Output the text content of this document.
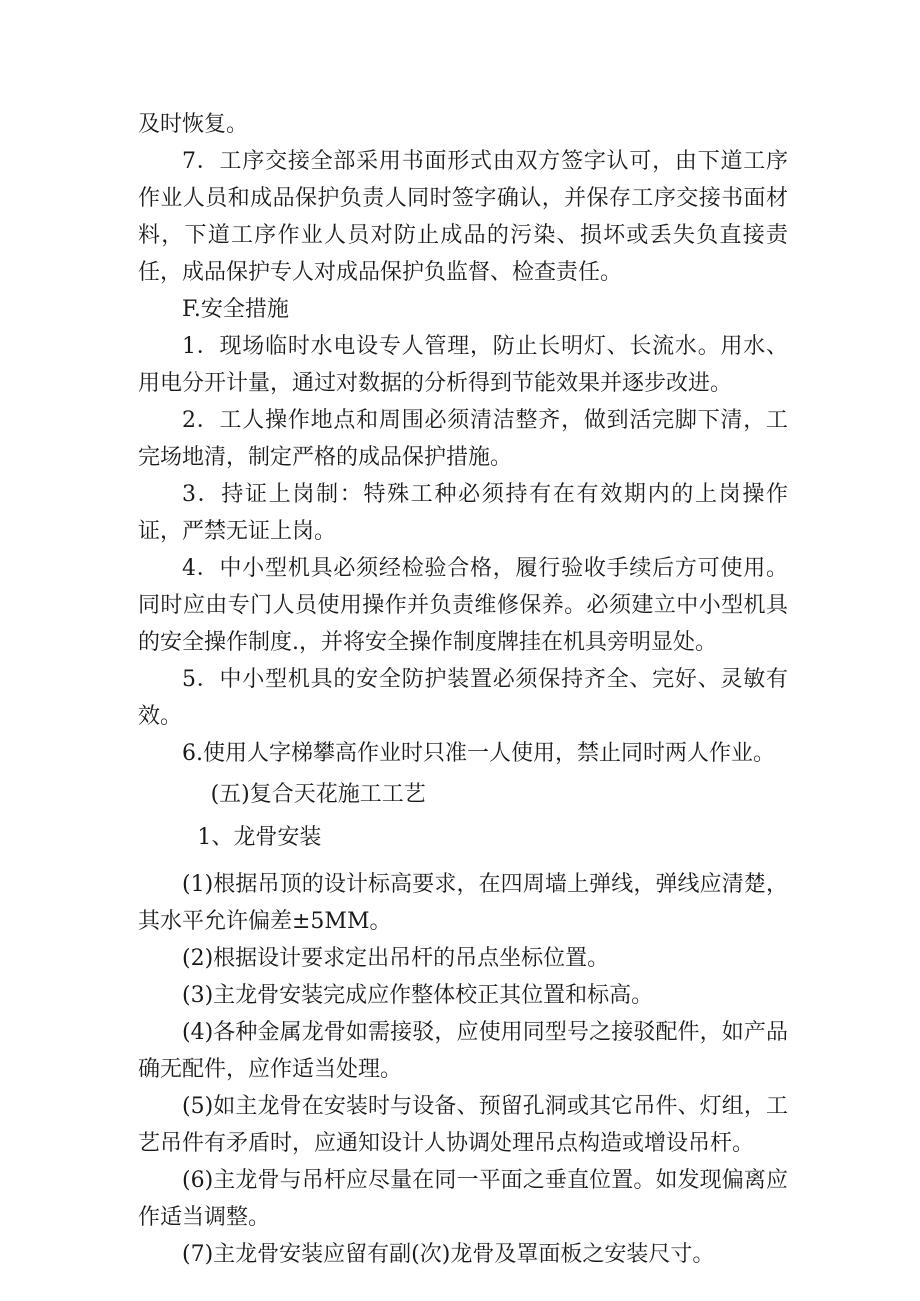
及时恢复。

7．工序交接全部采用书面形式由双方签字认可，由下道工序作业人员和成品保护负责人同时签字确认，并保存工序交接书面材料，下道工序作业人员对防止成品的污染、损坏或丢失负直接责任，成品保护专人对成品保护负监督、检查责任。

F.安全措施

1．现场临时水电设专人管理，防止长明灯、长流水。用水、用电分开计量，通过对数据的分析得到节能效果并逐步改进。

2．工人操作地点和周围必须清洁整齐，做到活完脚下清，工完场地清，制定严格的成品保护措施。

3．持证上岗制：特殊工种必须持有在有效期内的上岗操作证，严禁无证上岗。

4．中小型机具必须经检验合格，履行验收手续后方可使用。同时应由专门人员使用操作并负责维修保养。必须建立中小型机具的安全操作制度.，并将安全操作制度牌挂在机具旁明显处。

5．中小型机具的安全防护装置必须保持齐全、完好、灵敏有效。

6.使用人字梯攀高作业时只准一人使用，禁止同时两人作业。

(五)复合天花施工工艺

1、龙骨安装

(1)根据吊顶的设计标高要求，在四周墙上弹线，弹线应清楚，其水平允许偏差±5MM。

(2)根据设计要求定出吊杆的吊点坐标位置。

(3)主龙骨安装完成应作整体校正其位置和标高。

(4)各种金属龙骨如需接驳，应使用同型号之接驳配件，如产品确无配件，应作适当处理。

(5)如主龙骨在安装时与设备、预留孔洞或其它吊件、灯组，工艺吊件有矛盾时，应通知设计人协调处理吊点构造或增设吊杆。

(6)主龙骨与吊杆应尽量在同一平面之垂直位置。如发现偏离应作适当调整。

(7)主龙骨安装应留有副(次)龙骨及罩面板之安装尺寸。
